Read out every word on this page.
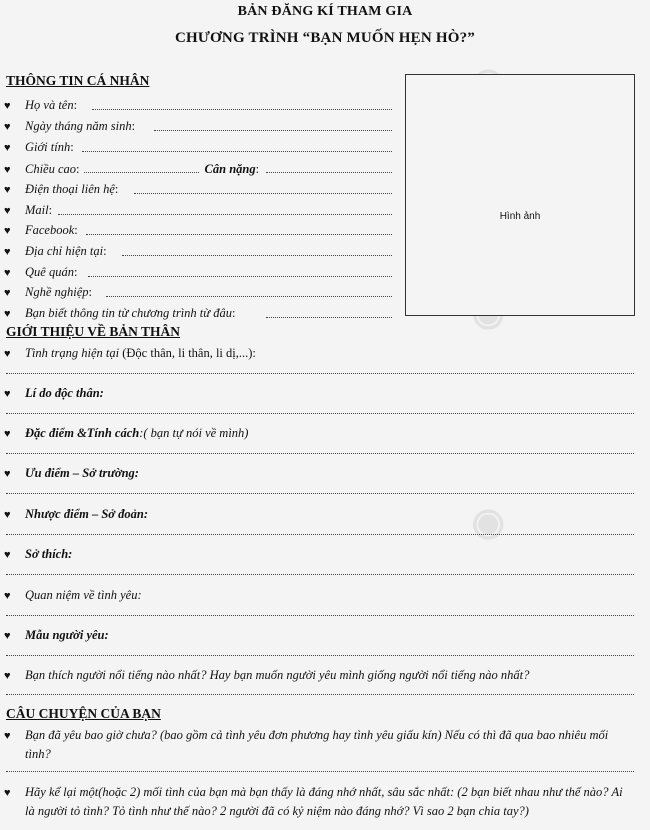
◉
BẢN ĐĂNG KÍ THAM GIA
CHƯƠNG TRÌNH “BẠN MUỐN HẸN HÒ?”
THÔNG TIN CÁ NHÂN
Hình ảnh
♥ Họ và tên:
♥ Ngày tháng năm sinh:
♥ Giới tính:
♥ Chiều cao:	Cân nặng:
♥ Điện thoại liên hệ:
♥ Mail:
♥ Facebook:
♥ Địa chỉ hiện tại:
♥ Quê quán:
♥ Nghề nghiệp:
♥ Bạn biết thông tin từ chương trình từ đâu:
GIỚI THIỆU VỀ BẢN THÂN
♥ Tình trạng hiện tại (Độc thân, li thân, li dị,...):
♥ Lí do độc thân:
♥ Đặc điểm &Tính cách:( bạn tự nói về mình)
♥ Ưu điểm – Sở trường:
♥ Nhược điểm – Sở đoản:
♥ Sở thích:
♥ Quan niệm về tình yêu:
♥ Mẫu người yêu:
♥ Bạn thích người nổi tiếng nào nhất? Hay bạn muốn người yêu mình giống người nổi tiếng nào nhất?
CÂU CHUYỆN CỦA BẠN
♥ Bạn đã yêu bao giờ chưa? (bao gồm cả tình yêu đơn phương hay tình yêu giấu kín) Nếu có thì đã qua bao nhiêu mối tình?
♥ Hãy kể lại một(hoặc 2) mối tình của bạn mà bạn thấy là đáng nhớ nhất, sâu sắc nhất: (2 bạn biết nhau như thế nào? Ai là người tỏ tình? Tỏ tình như thế nào? 2 người đã có kỷ niệm nào đáng nhớ? Vì sao 2 bạn chia tay?)
